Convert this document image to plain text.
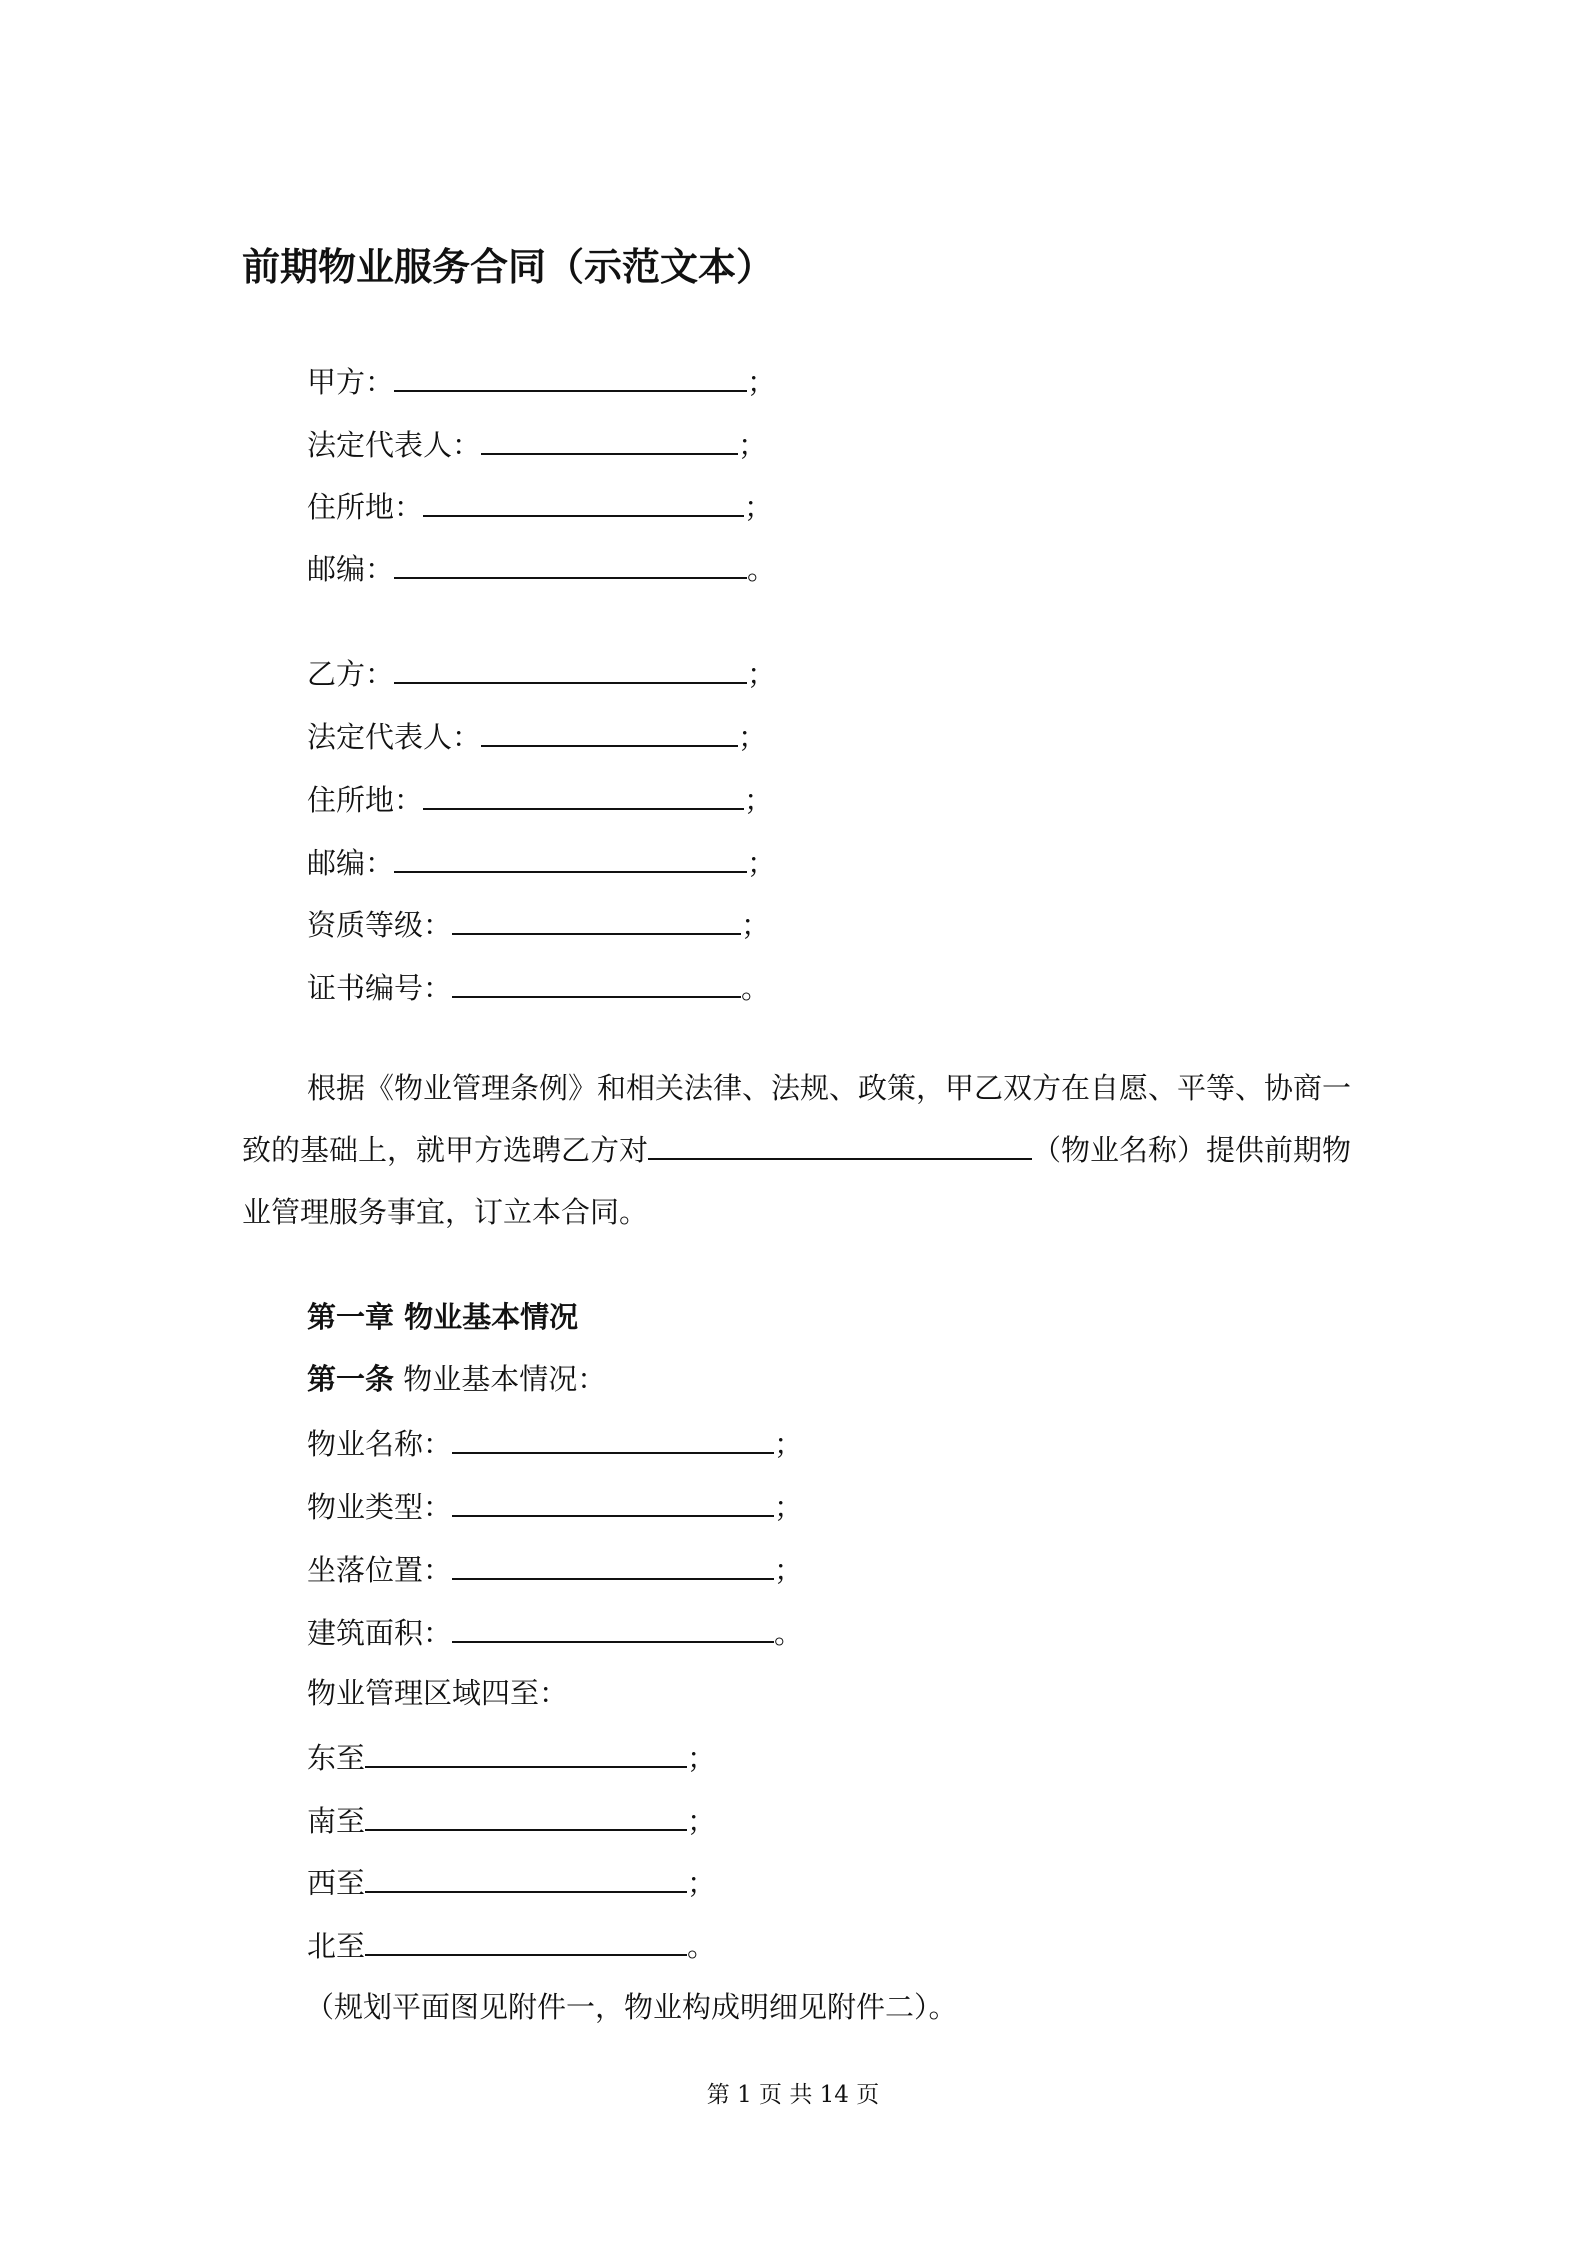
前期物业服务合同（示范文本）
甲方：	；
法定代表人：	；
住所地：	；
邮编：	。
乙方：	；
法定代表人：	；
住所地：	；
邮编：	；
资质等级：	；
证书编号：	。

根据《物业管理条例》和相关法律、法规、政策，甲乙双方在自愿、平等、协商一致的基础上，就甲方选聘乙方对	（物业名称）提供前期物业管理服务事宜，订立本合同。

第一章 物业基本情况
第一条 物业基本情况：
物业名称：	；
物业类型：	；
坐落位置：	；
建筑面积：	。
物业管理区域四至：
东至	；
南至	；
西至	；
北至	。
（规划平面图见附件一，物业构成明细见附件二）。
第 1 页 共 14 页
